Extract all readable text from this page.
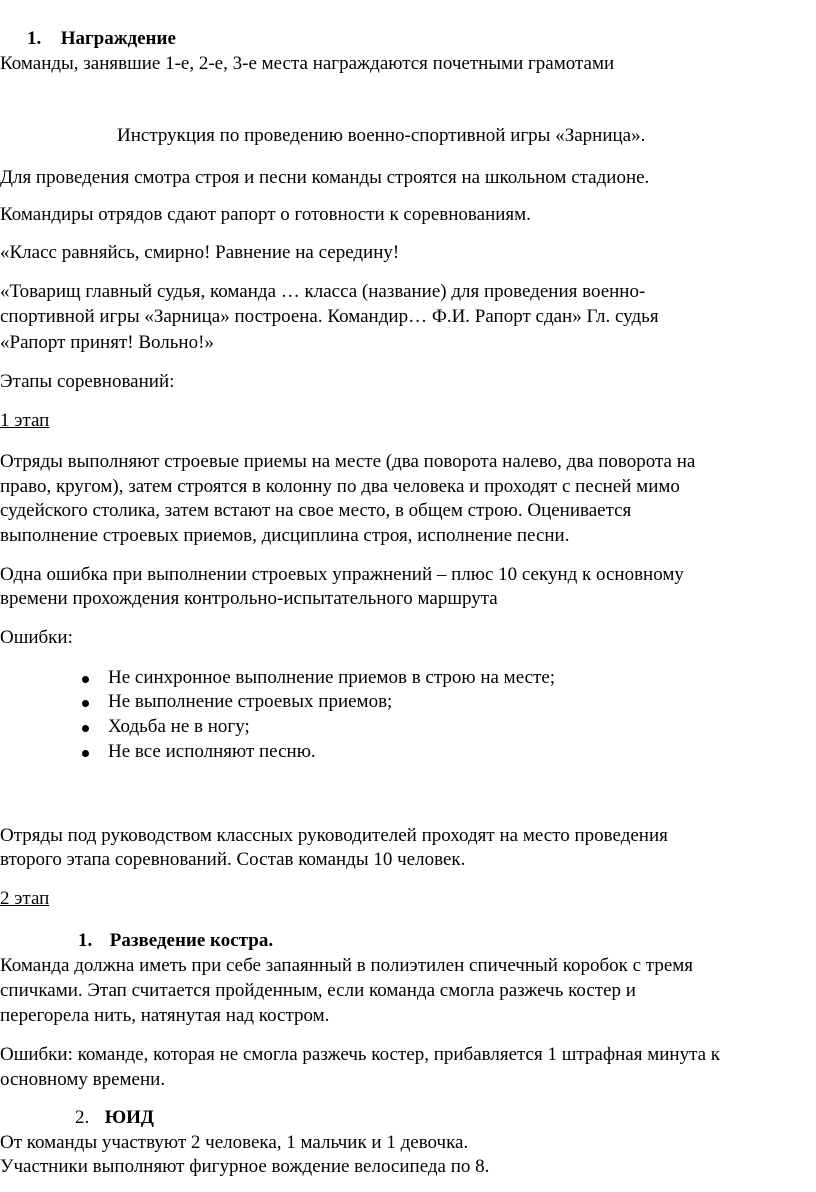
1. Награждение
Команды, занявшие 1-е, 2-е, 3-е места награждаются почетными грамотами
Инструкция по проведению военно-спортивной игры «Зарница».
Для проведения смотра строя и песни команды строятся на школьном стадионе.
Командиры отрядов сдают рапорт о готовности к соревнованиям.
«Класс равняйсь, смирно! Равнение на середину!
«Товарищ главный судья, команда … класса (название) для проведения военно-
спортивной игры «Зарница» построена. Командир… Ф.И. Рапорт сдан» Гл. судья
«Рапорт принят! Вольно!»
Этапы соревнований:
1 этап
Отряды выполняют строевые приемы на месте (два поворота налево, два поворота на
право, кругом), затем строятся в колонну по два человека и проходят с песней мимо
судейского столика, затем встают на свое место, в общем строю. Оценивается
выполнение строевых приемов, дисциплина строя, исполнение песни.
Одна ошибка при выполнении строевых упражнений – плюс 10 секунд к основному
времени прохождения контрольно-испытательного маршрута
Ошибки:
Не синхронное выполнение приемов в строю на месте;
Не выполнение строевых приемов;
Ходьба не в ногу;
Не все исполняют песню.
Отряды под руководством классных руководителей проходят на место проведения
второго этапа соревнований. Состав команды 10 человек.
2 этап
1. Разведение костра.
Команда должна иметь при себе запаянный в полиэтилен спичечный коробок с тремя
спичками. Этап считается пройденным, если команда смогла разжечь костер и
перегорела нить, натянутая над костром.
Ошибки: команде, которая не смогла разжечь костер, прибавляется 1 штрафная минута к
основному времени.
2. ЮИД
От команды участвуют 2 человека, 1 мальчик и 1 девочка.
Участники выполняют фигурное вождение велосипеда по 8.
